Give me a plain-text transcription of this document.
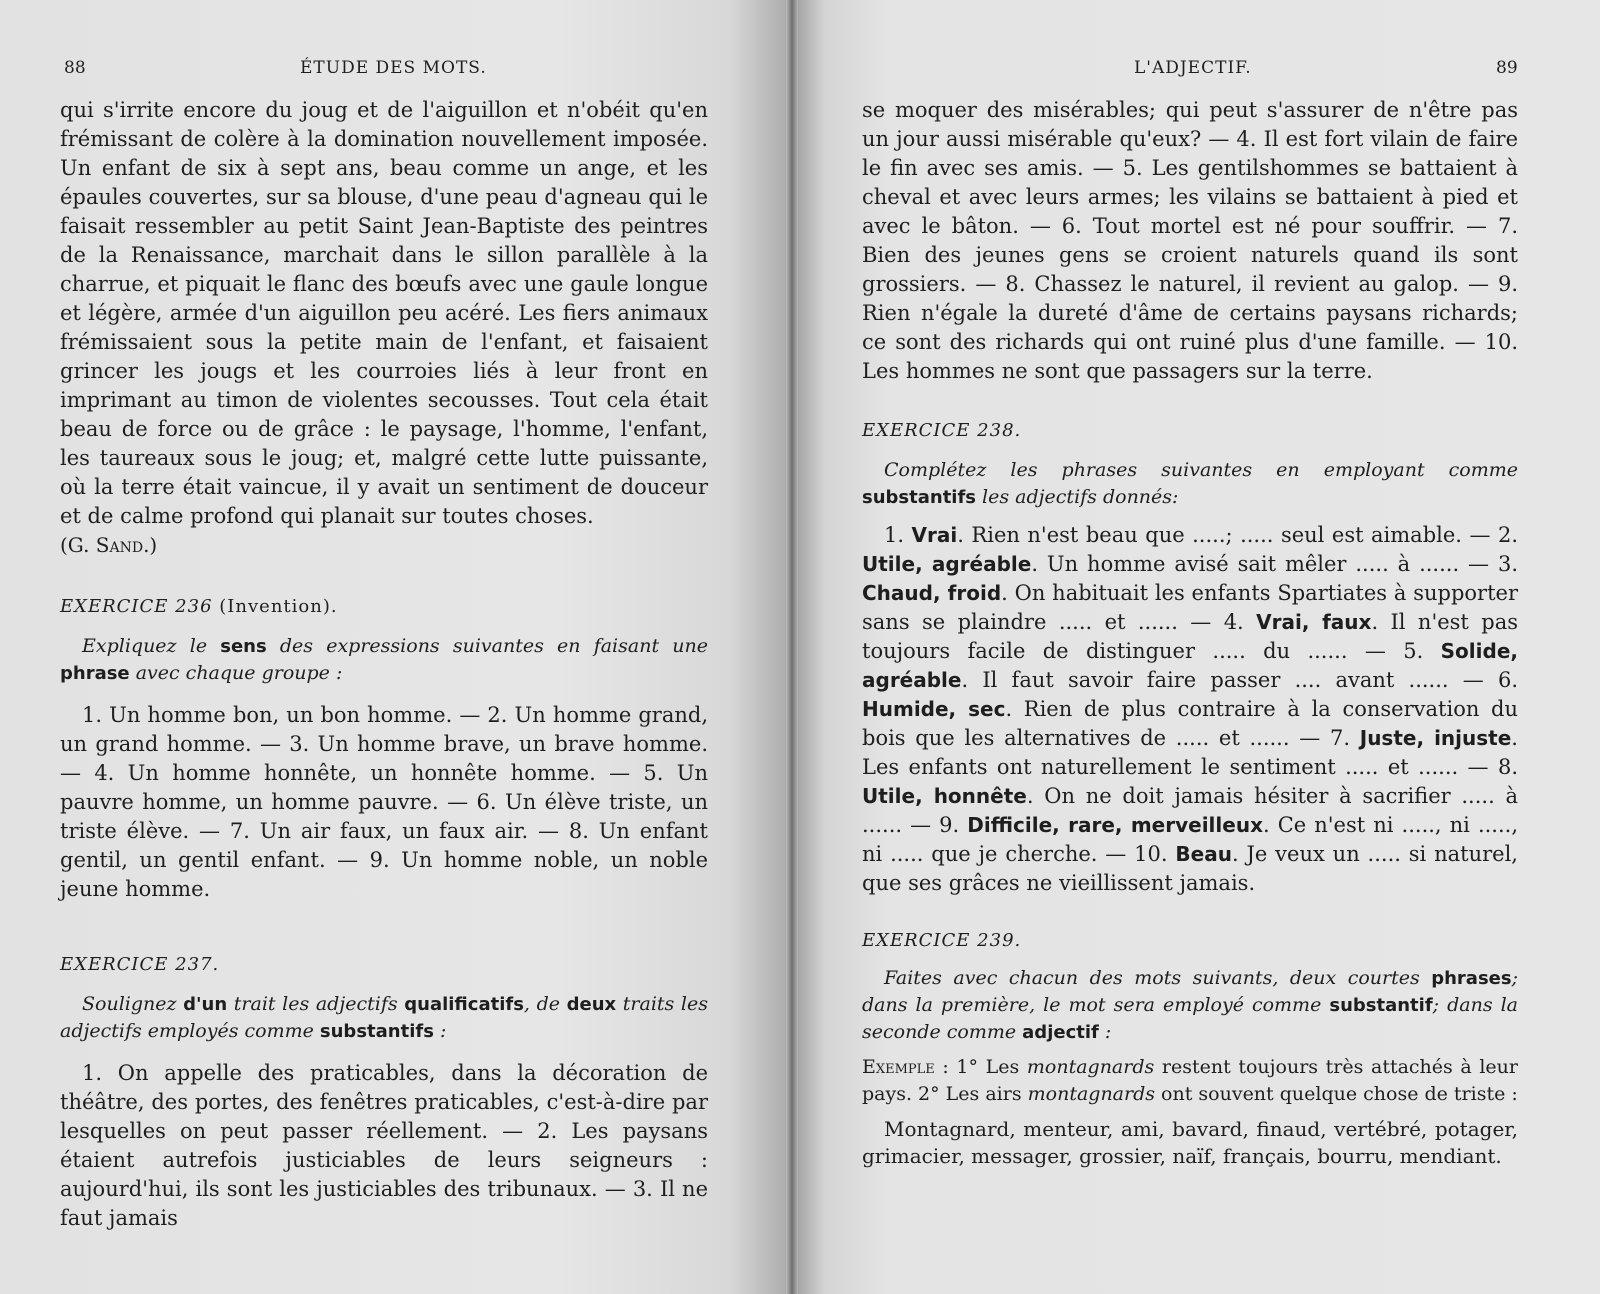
88	ÉTUDE DES MOTS.

qui s'irrite encore du joug et de l'aiguillon et n'obéit qu'en frémissant de colère à la domination nouvellement imposée. Un enfant de six à sept ans, beau comme un ange, et les épaules couvertes, sur sa blouse, d'une peau d'agneau qui le faisait ressembler au petit Saint Jean-Baptiste des peintres de la Renaissance, marchait dans le sillon parallèle à la charrue, et piquait le flanc des bœufs avec une gaule longue et légère, armée d'un aiguillon peu acéré. Les fiers animaux frémissaient sous la petite main de l'enfant, et faisaient grincer les jougs et les courroies liés à leur front en imprimant au timon de violentes secousses. Tout cela était beau de force ou de grâce : le paysage, l'homme, l'enfant, les taureaux sous le joug; et, malgré cette lutte puissante, où la terre était vaincue, il y avait un sentiment de douceur et de calme profond qui planait sur toutes choses.

(G. Sand.)

EXERCICE 236 (Invention).

Expliquez le sens des expressions suivantes en faisant une phrase avec chaque groupe :

1. Un homme bon, un bon homme. — 2. Un homme grand, un grand homme. — 3. Un homme brave, un brave homme. — 4. Un homme honnête, un honnête homme. — 5. Un pauvre homme, un homme pauvre. — 6. Un élève triste, un triste élève. — 7. Un air faux, un faux air. — 8. Un enfant gentil, un gentil enfant. — 9. Un homme noble, un noble jeune homme.

EXERCICE 237.

Soulignez d'un trait les adjectifs qualificatifs, de deux traits les adjectifs employés comme substantifs :

1. On appelle des praticables, dans la décoration de théâtre, des portes, des fenêtres praticables, c'est-à-dire par lesquelles on peut passer réellement. — 2. Les paysans étaient autrefois justiciables de leurs seigneurs : aujourd'hui, ils sont les justiciables des tribunaux. — 3. Il ne faut jamais

L'ADJECTIF.	89

se moquer des misérables; qui peut s'assurer de n'être pas un jour aussi misérable qu'eux? — 4. Il est fort vilain de faire le fin avec ses amis. — 5. Les gentilshommes se battaient à cheval et avec leurs armes; les vilains se battaient à pied et avec le bâton. — 6. Tout mortel est né pour souffrir. — 7. Bien des jeunes gens se croient naturels quand ils sont grossiers. — 8. Chassez le naturel, il revient au galop. — 9. Rien n'égale la dureté d'âme de certains paysans richards; ce sont des richards qui ont ruiné plus d'une famille. — 10. Les hommes ne sont que passagers sur la terre.

EXERCICE 238.

Complétez les phrases suivantes en employant comme substantifs les adjectifs donnés:

1. Vrai. Rien n'est beau que .....; ..... seul est aimable. — 2. Utile, agréable. Un homme avisé sait mêler ..... à ...... — 3. Chaud, froid. On habituait les enfants Spartiates à supporter sans se plaindre ..... et ...... — 4. Vrai, faux. Il n'est pas toujours facile de distinguer ..... du ...... — 5. Solide, agréable. Il faut savoir faire passer .... avant ...... — 6. Humide, sec. Rien de plus contraire à la conservation du bois que les alternatives de ..... et ...... — 7. Juste, injuste. Les enfants ont naturellement le sentiment ..... et ...... — 8. Utile, honnête. On ne doit jamais hésiter à sacrifier ..... à ...... — 9. Difficile, rare, merveilleux. Ce n'est ni ....., ni ....., ni ..... que je cherche. — 10. Beau. Je veux un ..... si naturel, que ses grâces ne vieillissent jamais.

EXERCICE 239.

Faites avec chacun des mots suivants, deux courtes phrases; dans la première, le mot sera employé comme substantif; dans la seconde comme adjectif :

Exemple : 1° Les montagnards restent toujours très attachés à leur pays. 2° Les airs montagnards ont souvent quelque chose de triste :

Montagnard, menteur, ami, bavard, finaud, vertébré, potager, grimacier, messager, grossier, naïf, français, bourru, mendiant.
